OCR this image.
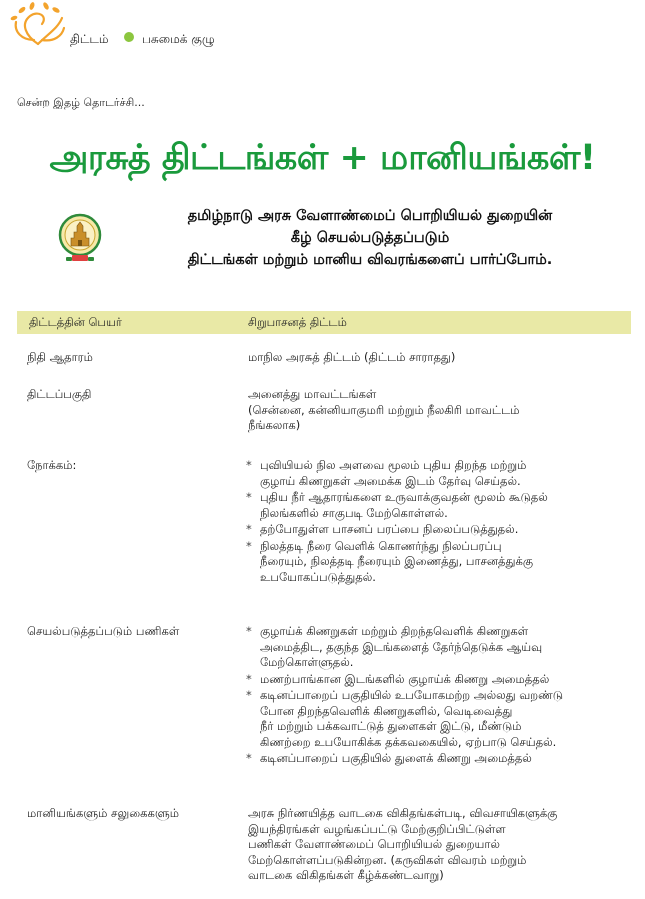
திட்டம்	பசுமைக் குழு
சென்ற இதழ் தொடர்ச்சி...
அரசுத் திட்டங்கள் + மானியங்கள்!
தமிழ்நாடு அரசு வேளாண்மைப் பொறியியல் துறையின்
கீழ் செயல்படுத்தப்படும்
திட்டங்கள் மற்றும் மானிய விவரங்களைப் பார்ப்போம்.
திட்டத்தின் பெயர்	சிறுபாசனத் திட்டம்
நிதி ஆதாரம்	மாநில அரசுத் திட்டம் (திட்டம் சாராதது)
திட்டப்பகுதி	அனைத்து மாவட்டங்கள்
(சென்னை, கன்னியாகுமரி மற்றும் நீலகிரி மாவட்டம்
நீங்கலாக)
நோக்கம்:	* புவியியல் நில அளவை மூலம் புதிய திறந்த மற்றும்
குழாய் கிணறுகள் அமைக்க இடம் தேர்வு செய்தல்.
* புதிய நீர் ஆதாரங்களை உருவாக்குவதன் மூலம் கூடுதல்
நிலங்களில் சாகுபடி மேற்கொள்ளல்.
* தற்போதுள்ள பாசனப் பரப்பை நிலைப்படுத்துதல்.
* நிலத்தடி நீரை வெளிக் கொணர்ந்து நிலப்பரப்பு
நீரையும், நிலத்தடி நீரையும் இணைத்து, பாசனத்துக்கு
உபயோகப்படுத்துதல்.
செயல்படுத்தப்படும் பணிகள்	* குழாய்க் கிணறுகள் மற்றும் திறந்தவெளிக் கிணறுகள்
அமைத்திட, தகுந்த இடங்களைத் தேர்ந்தெடுக்க ஆய்வு
மேற்கொள்ளுதல்.
* மணற்பாங்கான இடங்களில் குழாய்க் கிணறு அமைத்தல்
* கடினப்பாறைப் பகுதியில் உபயோகமற்ற அல்லது வறண்டு
போன திறந்தவெளிக் கிணறுகளில், வெடிவைத்து
நீர் மற்றும் பக்கவாட்டுத் துளைகள் இட்டு, மீண்டும்
கிணற்றை உபயோகிக்க தக்கவகையில், ஏற்பாடு செய்தல்.
* கடினப்பாறைப் பகுதியில் துளைக் கிணறு அமைத்தல்
மானியங்களும் சலுகைகளும்	அரசு நிர்ணயித்த வாடகை விகிதங்கள்படி, விவசாயிகளுக்கு
இயந்திரங்கள் வழங்கப்பட்டு மேற்குறிப்பிட்டுள்ள
பணிகள் வேளாண்மைப் பொறியியல் துறையால்
மேற்கொள்ளப்படுகின்றன. (கருவிகள் விவரம் மற்றும்
வாடகை விகிதங்கள் கீழ்க்கண்டவாறு)
